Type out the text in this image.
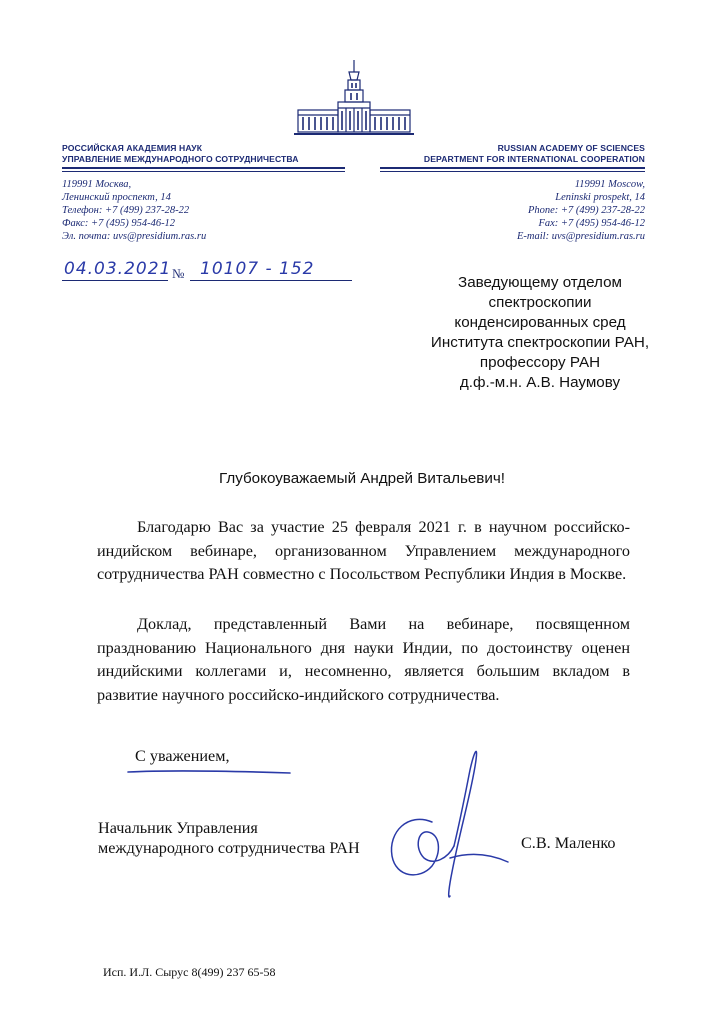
РОССИЙСКАЯ АКАДЕМИЯ НАУК
УПРАВЛЕНИЕ МЕЖДУНАРОДНОГО СОТРУДНИЧЕСТВА
RUSSIAN ACADEMY OF SCIENCES
DEPARTMENT FOR INTERNATIONAL COOPERATION
119991 Москва,
Ленинский проспект, 14
Телефон: +7 (499) 237-28-22
Факс: +7 (495) 954-46-12
Эл. почта: uvs@presidium.ras.ru
119991 Moscow,
Leninski prospekt, 14
Phone: +7 (499) 237-28-22
Fax: +7 (495) 954-46-12
E-mail: uvs@presidium.ras.ru
04.03.2021 № 10107 - 152
Заведующему отделом
спектроскопии
конденсированных сред
Института спектроскопии РАН,
профессору РАН
д.ф.-м.н. А.В. Наумову
Глубокоуважаемый Андрей Витальевич!
Благодарю Вас за участие 25 февраля 2021 г. в научном российско-индийском вебинаре, организованном Управлением международного сотрудничества РАН совместно с Посольством Республики Индия в Москве.
Доклад, представленный Вами на вебинаре, посвященном празднованию Национального дня науки Индии, по достоинству оценен индийскими коллегами и, несомненно, является большим вкладом в развитие научного российско-индийского сотрудничества.
С уважением,
Начальник Управления
международного сотрудничества РАН	С.В. Маленко
Исп. И.Л. Сырус 8(499) 237 65-58
